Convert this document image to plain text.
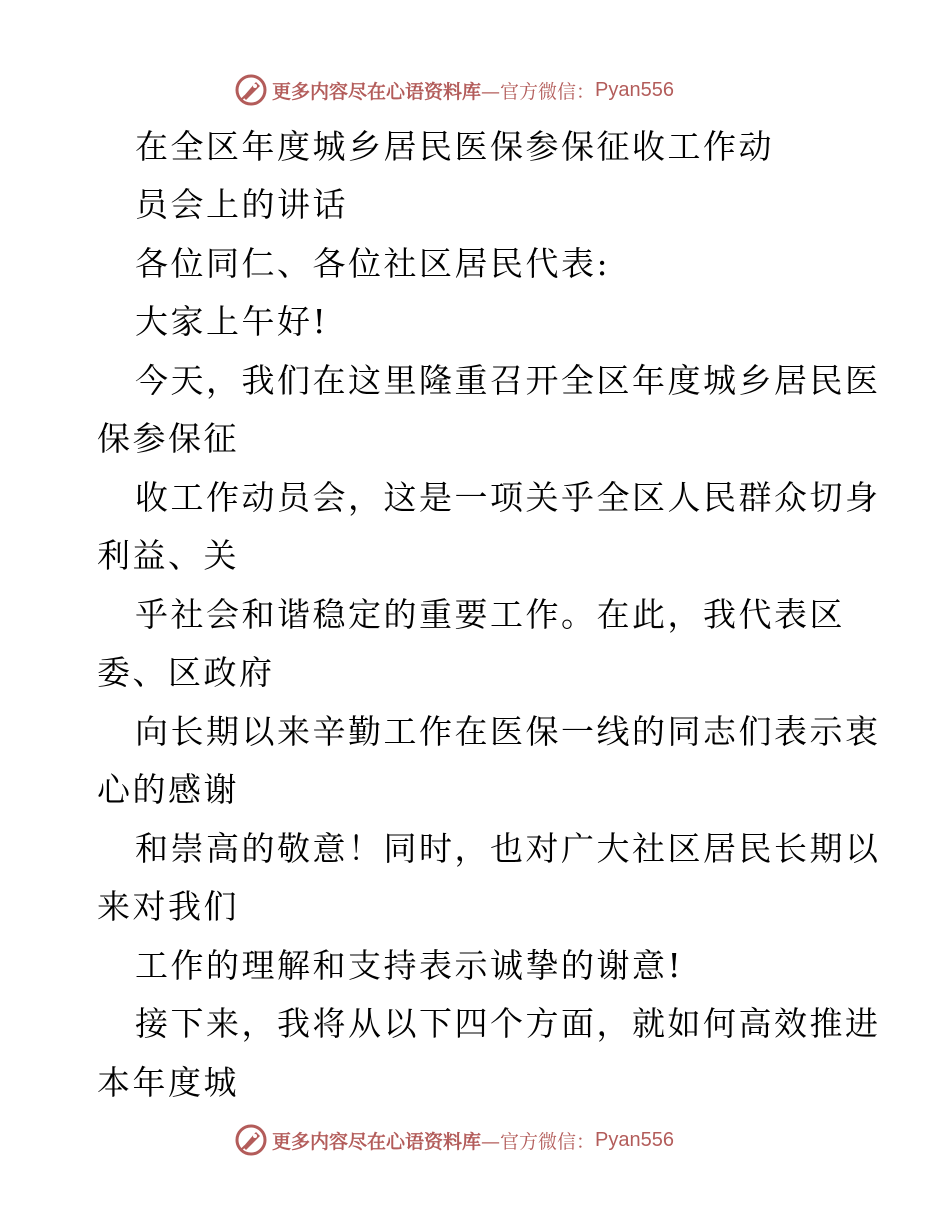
更多内容尽在心语资料库 —官方微信： Pyan556
在全区年度城乡居民医保参保征收工作动
员会上的讲话
各位同仁、各位社区居民代表:
大家上午好!
今天，我们在这里隆重召开全区年度城乡居民医
保参保征
收工作动员会，这是一项关乎全区人民群众切身
利益、关
乎社会和谐稳定的重要工作。在此，我代表区
委、区政府
向长期以来辛勤工作在医保一线的同志们表示衷
心的感谢
和崇高的敬意！同时，也对广大社区居民长期以
来对我们
工作的理解和支持表示诚挚的谢意!
接下来，我将从以下四个方面，就如何高效推进
本年度城
更多内容尽在心语资料库 —官方微信： Pyan556
